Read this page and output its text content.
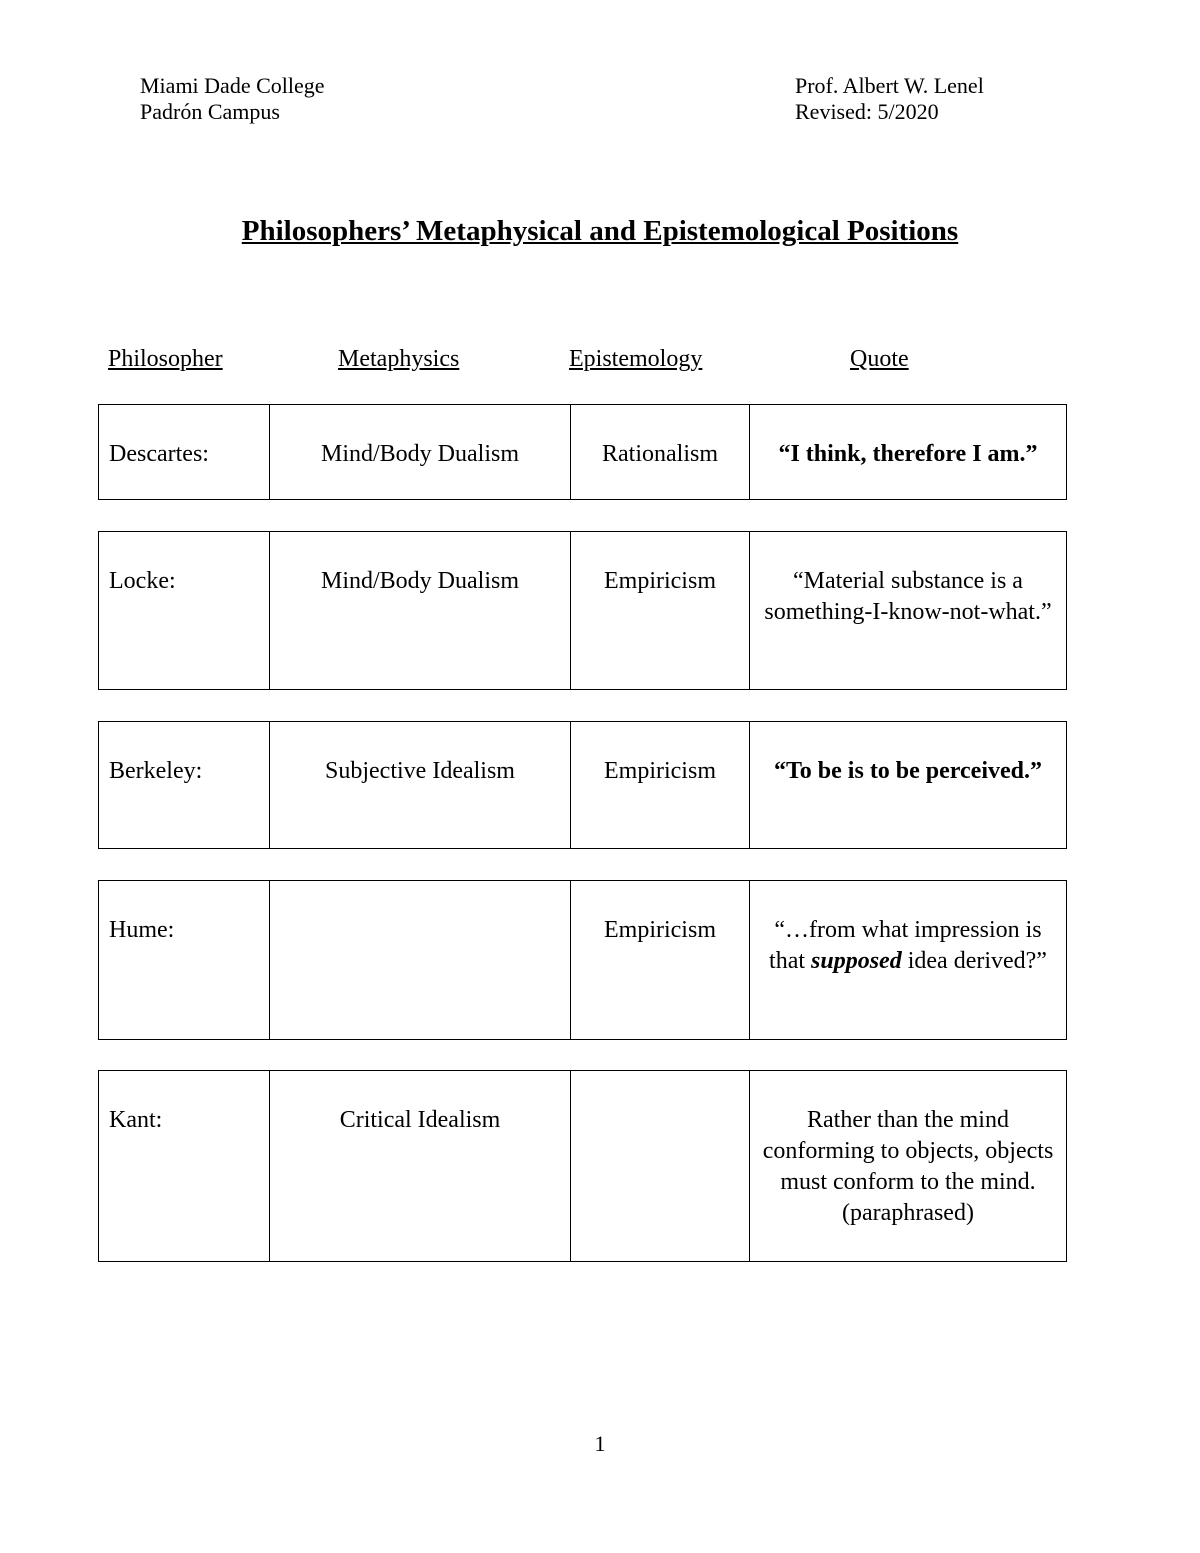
Miami Dade College
Padrón Campus
Prof. Albert W. Lenel
Revised: 5/2020
Philosophers’ Metaphysical and Epistemological Positions
Philosopher	Metaphysics	Epistemology	Quote
Descartes:	Mind/Body Dualism	Rationalism	“I think, therefore I am.”
Locke:	Mind/Body Dualism	Empiricism	“Material substance is a something-I-know-not-what.”
Berkeley:	Subjective Idealism	Empiricism	“To be is to be perceived.”
Hume:		Empiricism	“…from what impression is that supposed idea derived?”
Kant:	Critical Idealism		Rather than the mind conforming to objects, objects must conform to the mind. (paraphrased)
1
